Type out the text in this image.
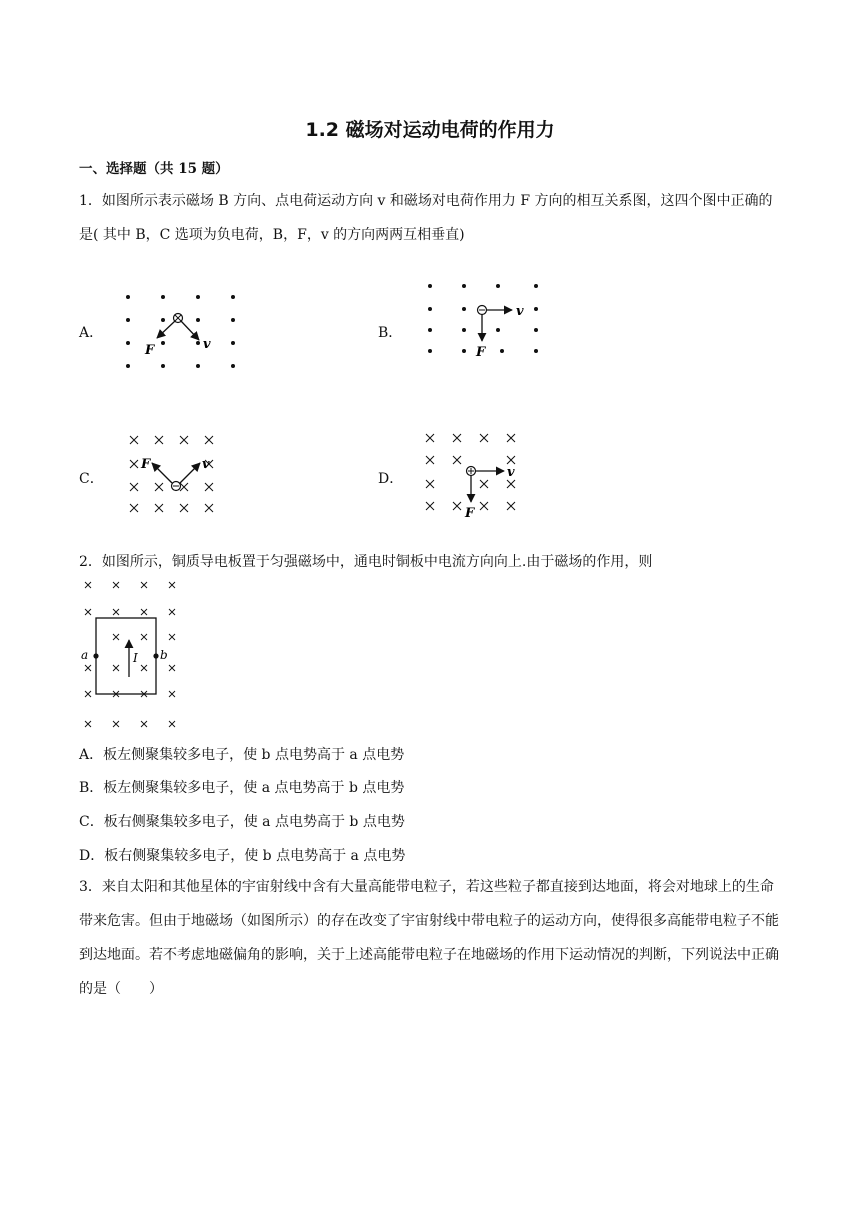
1.2 磁场对运动电荷的作用力
一、选择题（共 15 题）
1．如图所示表示磁场 B 方向、点电荷运动方向 v 和磁场对电荷作用力 F 方向的相互关系图，这四个图中正确的是( 其中 B，C 选项为负电荷，B，F，v 的方向两两互相垂直)
A．
F	v
B．
v
F
C．
F	v
D．	v
F
2．如图所示，铜质导电板置于匀强磁场中，通电时铜板中电流方向向上.由于磁场的作用，则
a	b
I
A．板左侧聚集较多电子，使 b 点电势高于 a 点电势
B．板左侧聚集较多电子，使 a 点电势高于 b 点电势
C．板右侧聚集较多电子，使 a 点电势高于 b 点电势
D．板右侧聚集较多电子，使 b 点电势高于 a 点电势
3．来自太阳和其他星体的宇宙射线中含有大量高能带电粒子，若这些粒子都直接到达地面，将会对地球上的生命带来危害。但由于地磁场（如图所示）的存在改变了宇宙射线中带电粒子的运动方向，使得很多高能带电粒子不能到达地面。若不考虑地磁偏角的影响，关于上述高能带电粒子在地磁场的作用下运动情况的判断，下列说法中正确的是（　　）
